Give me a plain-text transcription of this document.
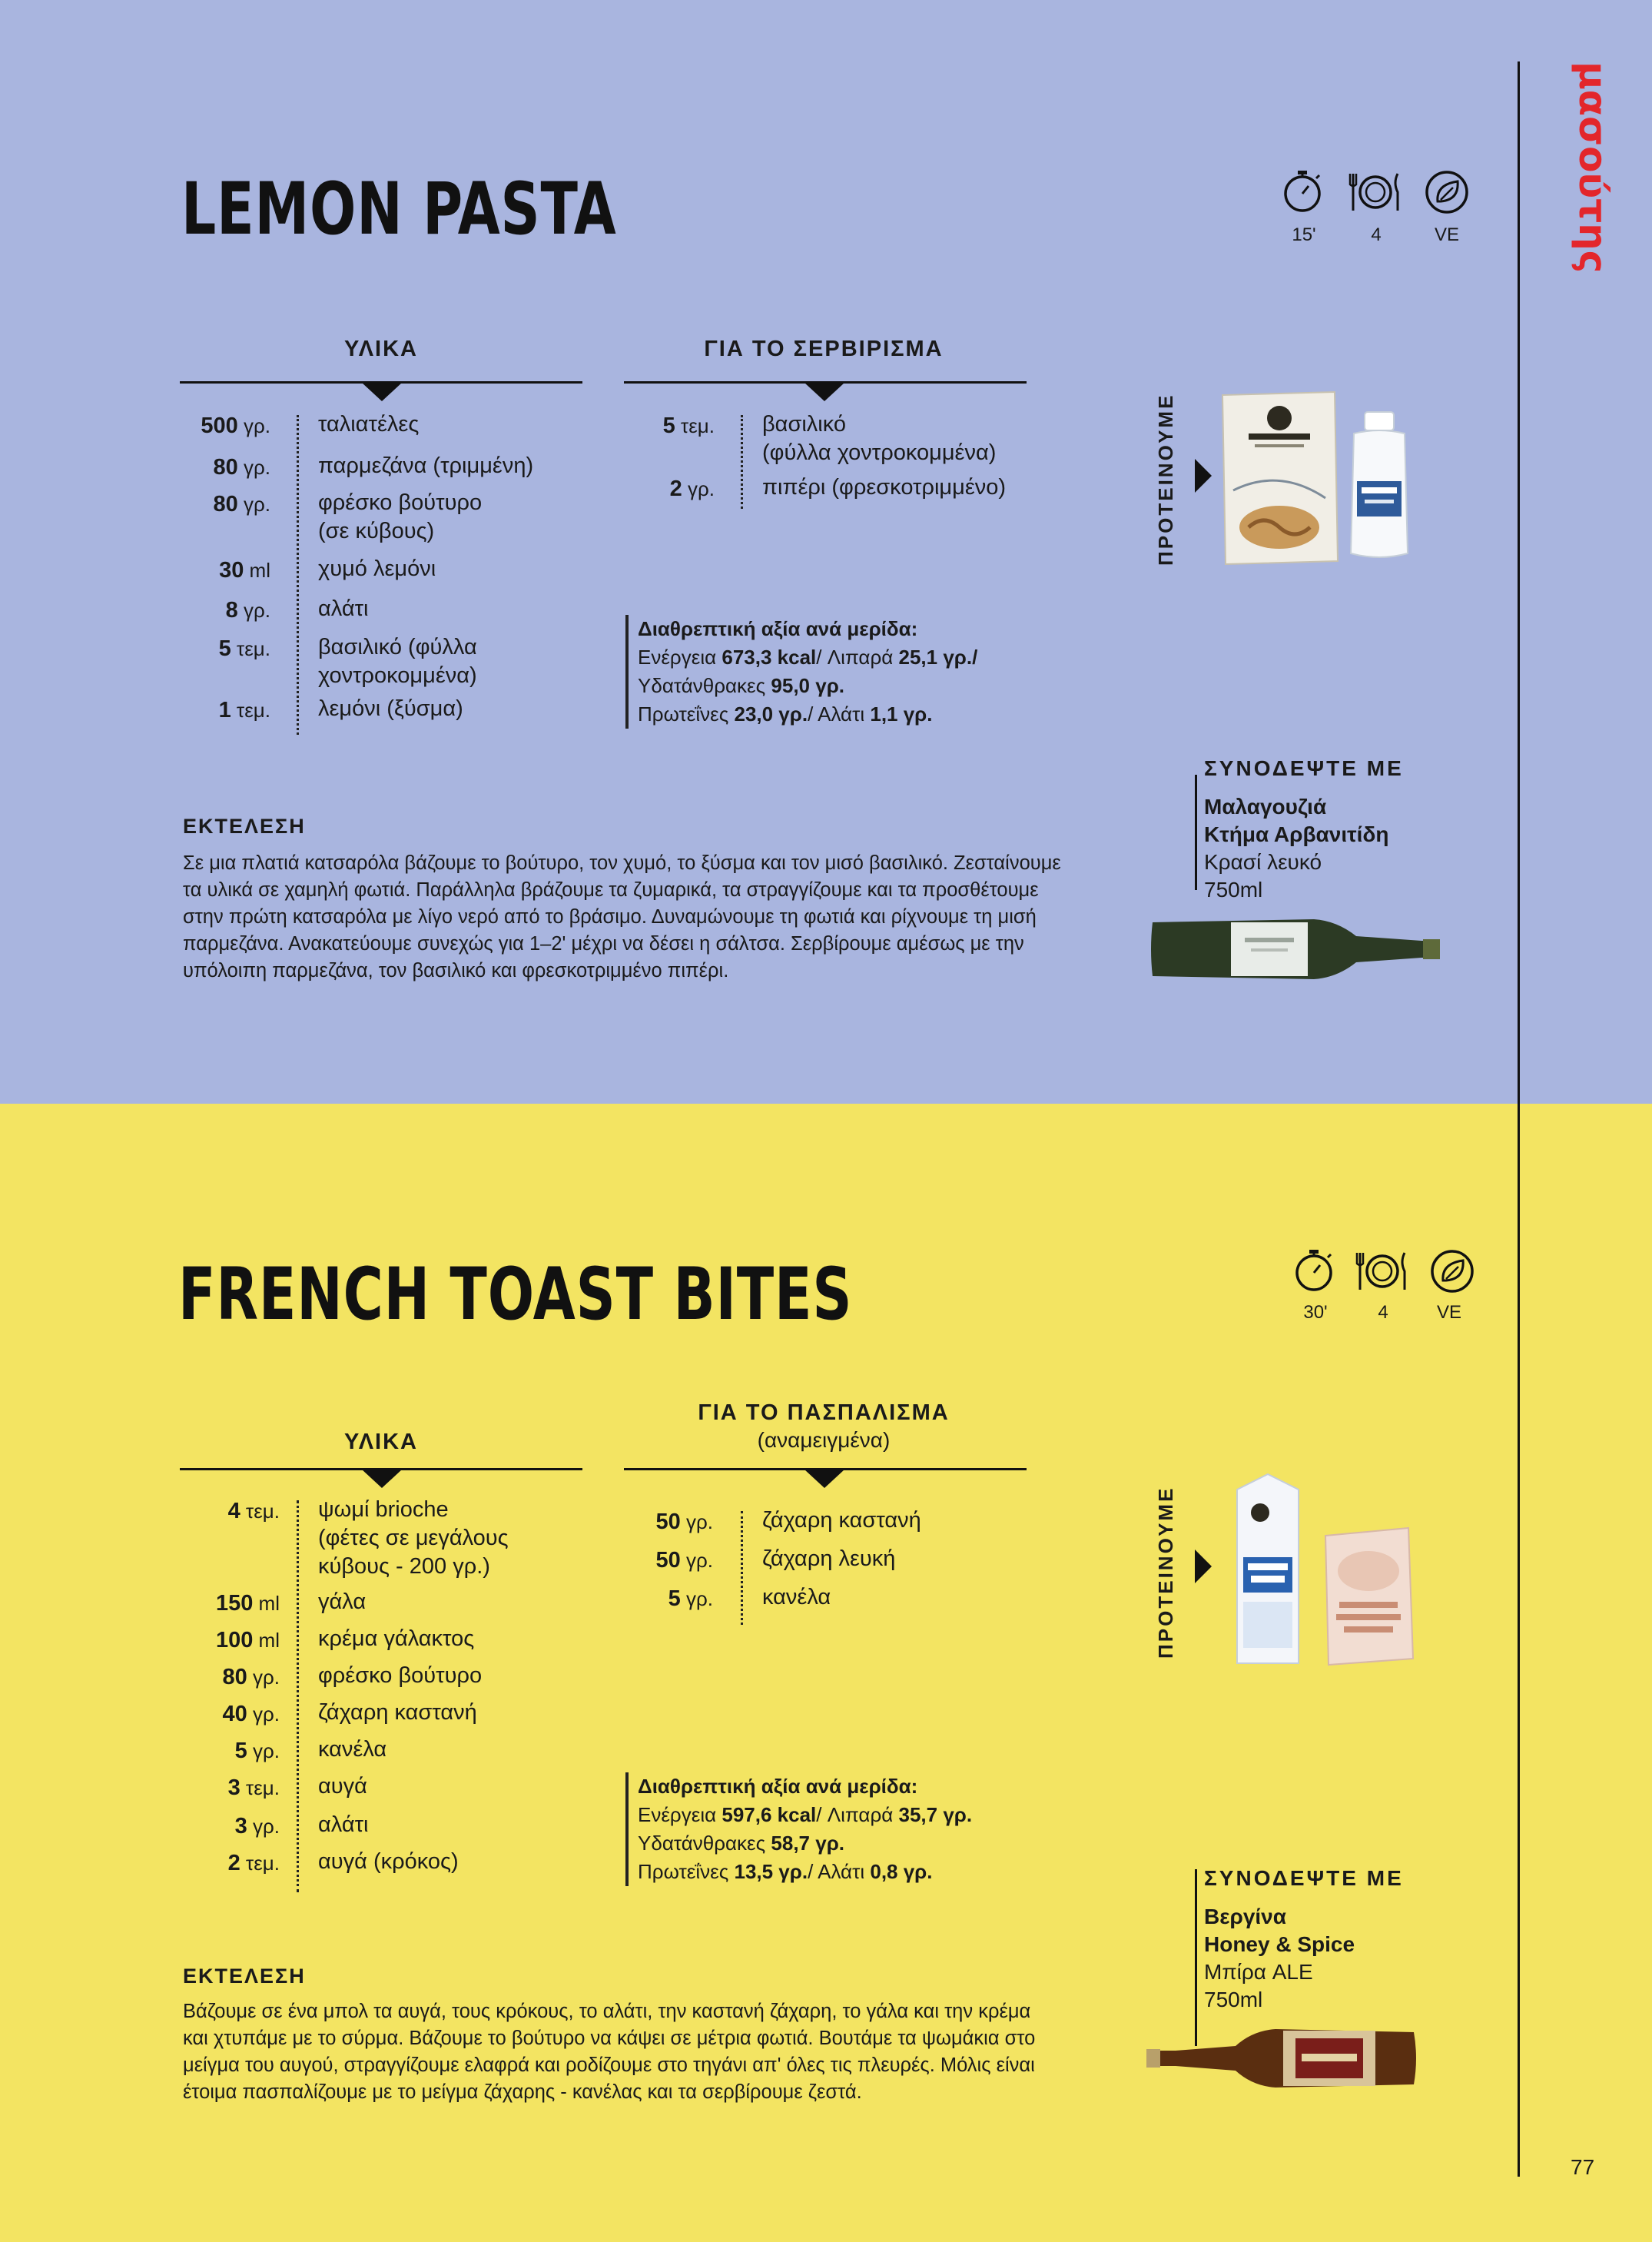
μασούτης
77
LEMON PASTA	15'	4	VE
ΥΛΙΚΑ
500 γρ. ταλιατέλες
80 γρ. παρμεζάνα (τριμμένη)
80 γρ. φρέσκο βούτυρο
(σε κύβους)
30 ml χυμό λεμόνι
8 γρ. αλάτι
5 τεμ. βασιλικό (φύλλα
χοντροκομμένα)
1 τεμ. λεμόνι (ξύσμα)
ΓΙΑ ΤΟ ΣΕΡΒΙΡΙΣΜΑ
5 τεμ. βασιλικό
(φύλλα χοντροκομμένα)
2 γρ. πιπέρι (φρεσκοτριμμένο)
Διαθρεπτική αξία ανά μερίδα:
Ενέργεια 673,3 kcal/ Λιπαρά 25,1 γρ./
Υδατάνθρακες 95,0 γρ.
Πρωτεΐνες 23,0 γρ./ Αλάτι 1,1 γρ.
ΕΚΤΕΛΕΣΗ
Σε μια πλατιά κατσαρόλα βάζουμε το βούτυρο, τον χυμό, το ξύσμα και τον μισό βασιλικό. Ζεσταίνουμε τα υλικά σε χαμηλή φωτιά. Παράλληλα βράζουμε τα ζυμαρικά, τα στραγγίζουμε και τα προσθέτουμε στην πρώτη κατσαρόλα με λίγο νερό από το βράσιμο. Δυναμώνουμε τη φωτιά και ρίχνουμε τη μισή παρμεζάνα. Ανακατεύουμε συνεχώς για 1–2' μέχρι να δέσει η σάλτσα. Σερβίρουμε αμέσως με την υπόλοιπη παρμεζάνα, τον βασιλικό και φρεσκοτριμμένο πιπέρι.
ΠΡΟΤΕΙΝΟΥΜΕ
ΣΥΝΟΔΕΨΤΕ ΜΕ
Μαλαγουζιά
Κτήμα Αρβανιτίδη
Κρασί λευκό
750ml
FRENCH TOAST BITES	30'	4	VE
ΥΛΙΚΑ
4 τεμ. ψωμί brioche
(φέτες σε μεγάλους
κύβους - 200 γρ.)
150 ml γάλα
100 ml κρέμα γάλακτος
80 γρ. φρέσκο βούτυρο
40 γρ. ζάχαρη καστανή
5 γρ. κανέλα
3 τεμ. αυγά
3 γρ. αλάτι
2 τεμ. αυγά (κρόκος)
ΓΙΑ ΤΟ ΠΑΣΠΑΛΙΣΜΑ
(αναμειγμένα)
50 γρ. ζάχαρη καστανή
50 γρ. ζάχαρη λευκή
5 γρ. κανέλα
Διαθρεπτική αξία ανά μερίδα:
Ενέργεια 597,6 kcal/ Λιπαρά 35,7 γρ.
Υδατάνθρακες 58,7 γρ.
Πρωτεΐνες 13,5 γρ./ Αλάτι 0,8 γρ.
ΕΚΤΕΛΕΣΗ
Βάζουμε σε ένα μπολ τα αυγά, τους κρόκους, το αλάτι, την καστανή ζάχαρη, το γάλα και την κρέμα και χτυπάμε με το σύρμα. Βάζουμε το βούτυρο να κάψει σε μέτρια φωτιά. Βουτάμε τα ψωμάκια στο μείγμα του αυγού, στραγγίζουμε ελαφρά και ροδίζουμε στο τηγάνι απ' όλες τις πλευρές. Μόλις είναι έτοιμα πασπαλίζουμε με το μείγμα ζάχαρης - κανέλας και τα σερβίρουμε ζεστά.
ΠΡΟΤΕΙΝΟΥΜΕ
ΣΥΝΟΔΕΨΤΕ ΜΕ
Βεργίνα
Honey & Spice
Μπίρα ALE
750ml
